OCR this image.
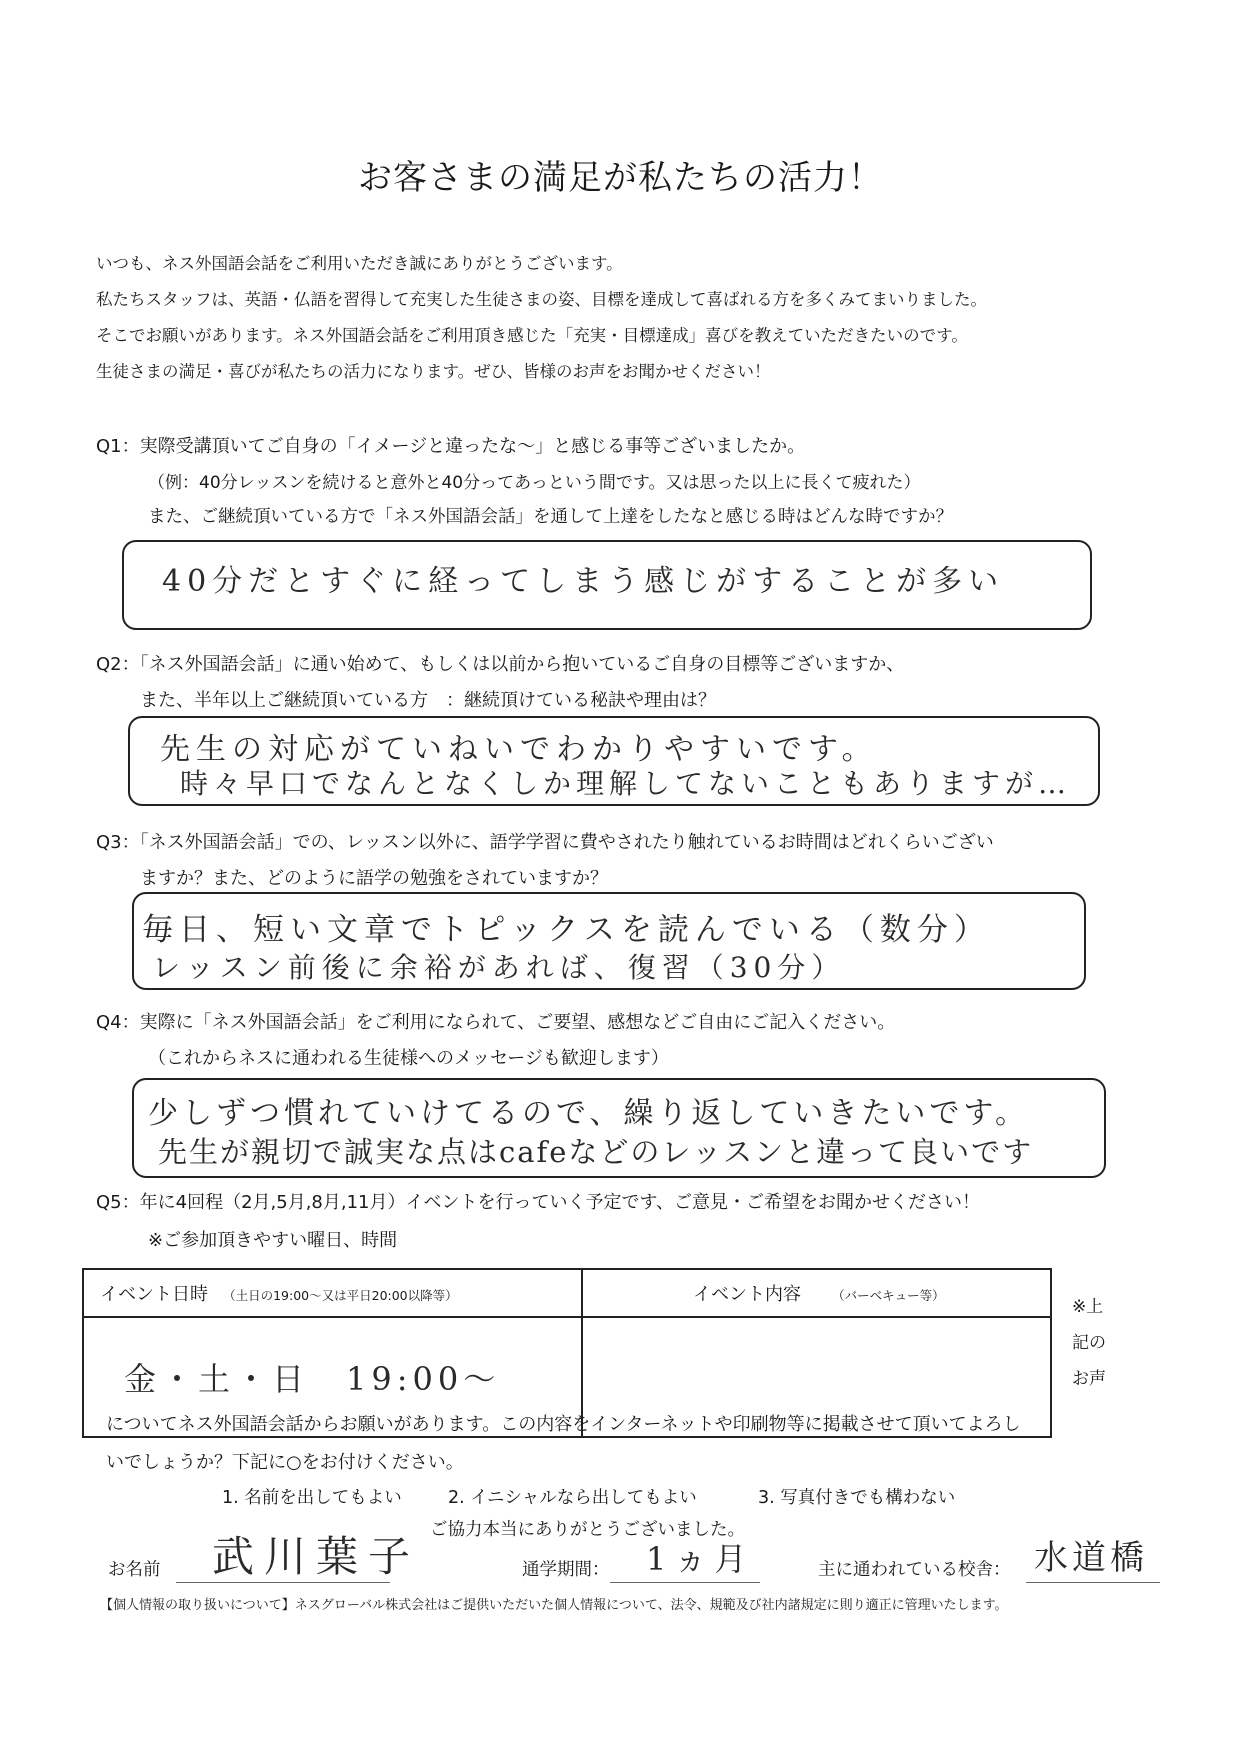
お客さまの満足が私たちの活力！
いつも、ネス外国語会話をご利用いただき誠にありがとうございます。
私たちスタッフは、英語・仏語を習得して充実した生徒さまの姿、目標を達成して喜ばれる方を多くみてまいりました。
そこでお願いがあります。ネス外国語会話をご利用頂き感じた「充実・目標達成」喜びを教えていただきたいのです。
生徒さまの満足・喜びが私たちの活力になります。ぜひ、皆様のお声をお聞かせください！
Q1：実際受講頂いてご自身の「イメージと違ったな～」と感じる事等ございましたか。
（例：40分レッスンを続けると意外と40分ってあっという間です。又は思った以上に長くて疲れた）
また、ご継続頂いている方で「ネス外国語会話」を通して上達をしたなと感じる時はどんな時ですか？
40分だとすぐに経ってしまう感じがすることが多い
Q2：「ネス外国語会話」に通い始めて、もしくは以前から抱いているご自身の目標等ございますか、
また、半年以上ご継続頂いている方　：継続頂けている秘訣や理由は？
先生の対応がていねいでわかりやすいです。
時々早口でなんとなくしか理解してないこともありますが…
Q3：「ネス外国語会話」での、レッスン以外に、語学学習に費やされたり触れているお時間はどれくらいござい
ますか？また、どのように語学の勉強をされていますか？
毎日、短い文章でトピックスを読んでいる（数分）
レッスン前後に余裕があれば、復習（30分）
Q4：実際に「ネス外国語会話」をご利用になられて、ご要望、感想などご自由にご記入ください。
（これからネスに通われる生徒様へのメッセージも歓迎します）
少しずつ慣れていけてるので、繰り返していきたいです。
先生が親切で誠実な点はcafeなどのレッスンと違って良いです
Q5：年に4回程（2月,5月,8月,11月）イベントを行っていく予定です、ご意見・ご希望をお聞かせください！
※ご参加頂きやすい曜日、時間
イベント日時 （土日の19:00～又は平日20:00以降等）	イベント内容 （バーベキュー等）
金・土・日　19:00～	
※上
記の
お声
についてネス外国語会話からお願いがあります。この内容をインターネットや印刷物等に掲載させて頂いてよろし
いでしょうか？下記に○をお付けください。
1. 名前を出してもよい	2. イニシャルなら出してもよい	3. 写真付きでも構わない
ご協力本当にありがとうございました。
お名前 武川葉子	通学期間： 1ヵ月	主に通われている校舎： 水道橋
【個人情報の取り扱いについて】ネスグローバル株式会社はご提供いただいた個人情報について、法令、規範及び社内諸規定に則り適正に管理いたします。
